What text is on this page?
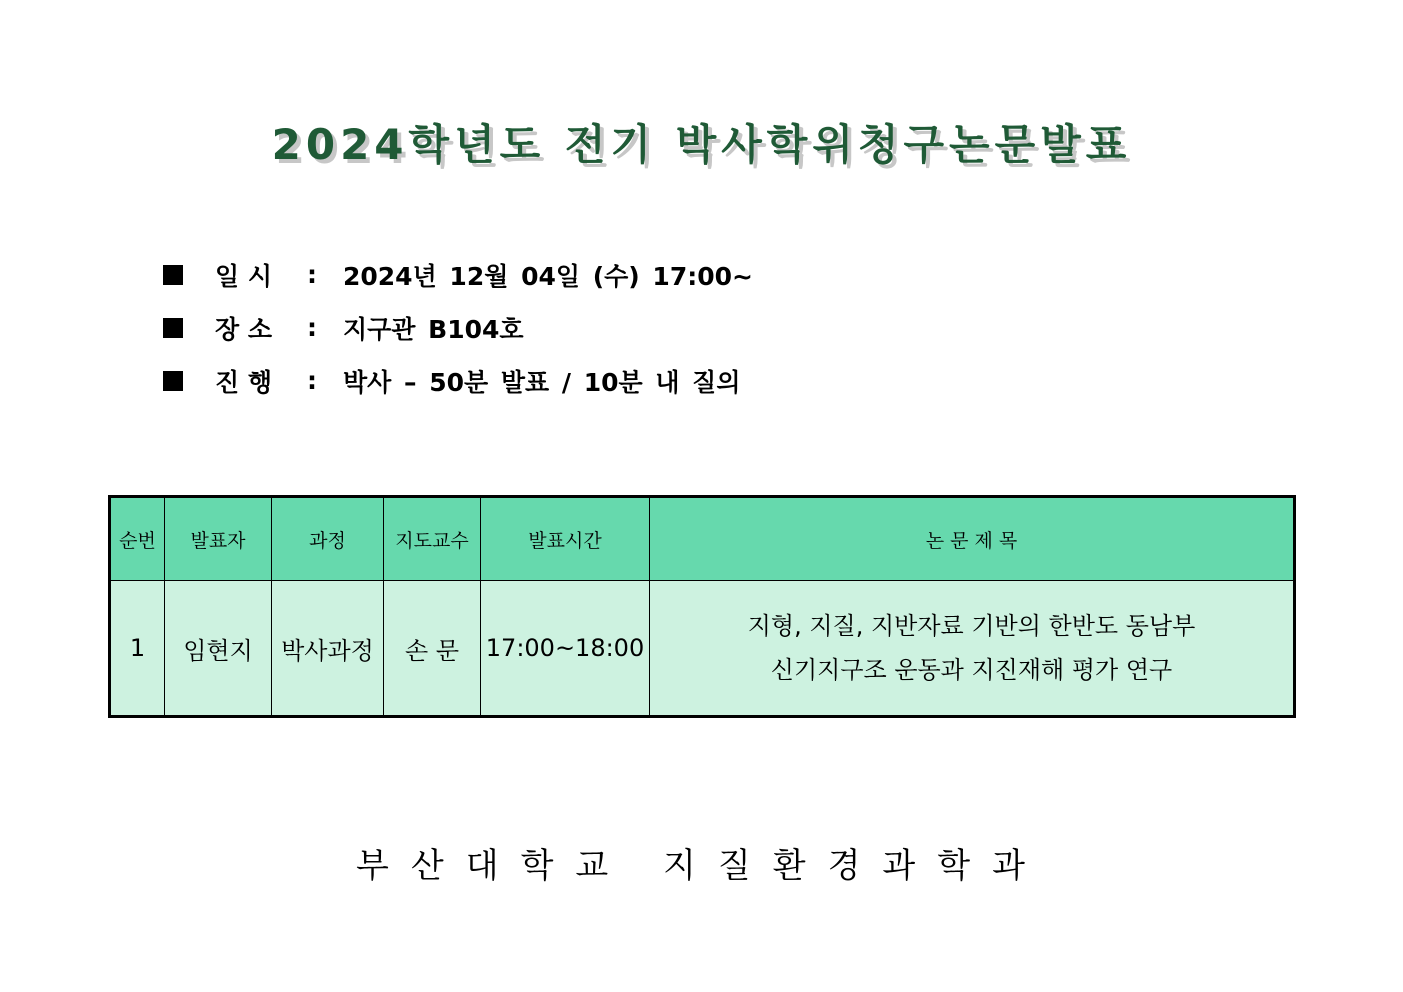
2024학년도 전기 박사학위청구논문발표
일 시	:	2024년 12월 04일 (수) 17:00~
장 소	:	지구관 B104호
진 행	:	박사 – 50분 발표 / 10분 내 질의
순번	발표자	과정	지도교수	발표시간	논 문 제 목
1	임현지	박사과정	손 문	17:00~18:00	지형, 지질, 지반자료 기반의 한반도 동남부
신기지구조 운동과 지진재해 평가 연구
부산대학교 지질환경과학과
